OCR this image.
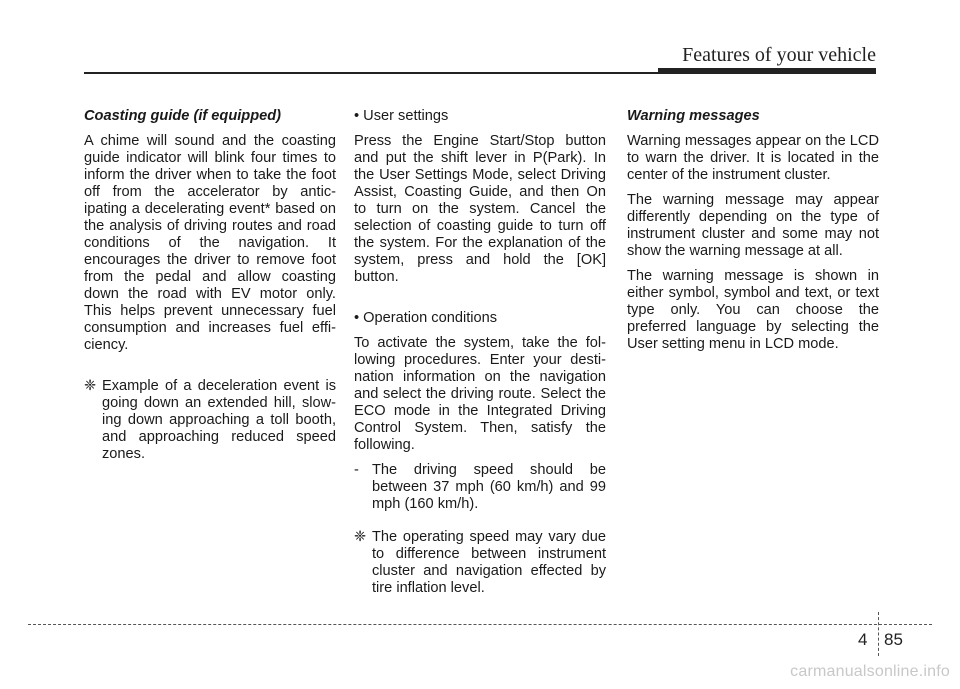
Features of your vehicle
Coasting guide (if equipped)

A chime will sound and the coasting guide indicator will blink four times to inform the driver when to take the foot off from the accelerator by antic- ipating a decelerating event* based on the analysis of driving routes and road conditions of the navigation. It encourages the driver to remove foot from the pedal and allow coasting down the road with EV motor only. This helps prevent unnecessary fuel consumption and increases fuel effi- ciency.

❈ Example of a deceleration event is going down an extended hill, slow- ing down approaching a toll booth, and approaching reduced speed zones.
• User settings

Press the Engine Start/Stop button and put the shift lever in P(Park). In the User Settings Mode, select Driving Assist, Coasting Guide, and then On to turn on the system. Cancel the selection of coasting guide to turn off the system. For the explanation of the system, press and hold the [OK] button.

• Operation conditions

To activate the system, take the fol- lowing procedures. Enter your desti- nation information on the navigation and select the driving route. Select the ECO mode in the Integrated Driving Control System. Then, satisfy the following.

- The driving speed should be between 37 mph (60 km/h) and 99 mph (160 km/h).
❈ The operating speed may vary due to difference between instrument cluster and navigation effected by tire inflation level.
Warning messages

Warning messages appear on the LCD to warn the driver. It is located in the center of the instrument cluster.

The warning message may appear differently depending on the type of instrument cluster and some may not show the warning message at all.

The warning message is shown in either symbol, symbol and text, or text type only. You can choose the preferred language by selecting the User setting menu in LCD mode.

4 85
carmanualsonline.info
